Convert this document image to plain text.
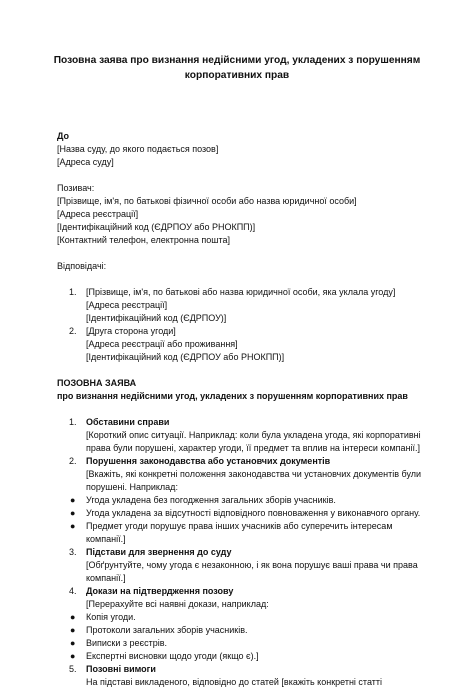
Позовна заява про визнання недійсними угод, укладених з порушенням
корпоративних прав
До
[Назва суду, до якого подається позов]
[Адреса суду]
Позивач:
[Прізвище, ім'я, по батькові фізичної особи або назва юридичної особи]
[Адреса реєстрації]
[Ідентифікаційний код (ЄДРПОУ або РНОКПП)]
[Контактний телефон, електронна пошта]
Відповідачі:
1. [Прізвище, ім'я, по батькові або назва юридичної особи, яка уклала угоду]
[Адреса реєстрації]
[Ідентифікаційний код (ЄДРПОУ)]
2. [Друга сторона угоди]
[Адреса реєстрації або проживання]
[Ідентифікаційний код (ЄДРПОУ або РНОКПП)]
ПОЗОВНА ЗАЯВА
про визнання недійсними угод, укладених з порушенням корпоративних прав
1. Обставини справи
[Короткий опис ситуації. Наприклад: коли була укладена угода, які корпоративні
права були порушені, характер угоди, її предмет та вплив на інтереси компанії.]
2. Порушення законодавства або установчих документів
[Вкажіть, які конкретні положення законодавства чи установчих документів були
порушені. Наприклад:
● Угода укладена без погодження загальних зборів учасників.
● Угода укладена за відсутності відповідного повноваження у виконавчого органу.
● Предмет угоди порушує права інших учасників або суперечить інтересам
компанії.]
3. Підстави для звернення до суду
[Обґрунтуйте, чому угода є незаконною, і як вона порушує ваші права чи права
компанії.]
4. Докази на підтвердження позову
[Перерахуйте всі наявні докази, наприклад:
● Копія угоди.
● Протоколи загальних зборів учасників.
● Виписки з реєстрів.
● Експертні висновки щодо угоди (якщо є).]
5. Позовні вимоги
На підставі викладеного, відповідно до статей [вкажіть конкретні статті
